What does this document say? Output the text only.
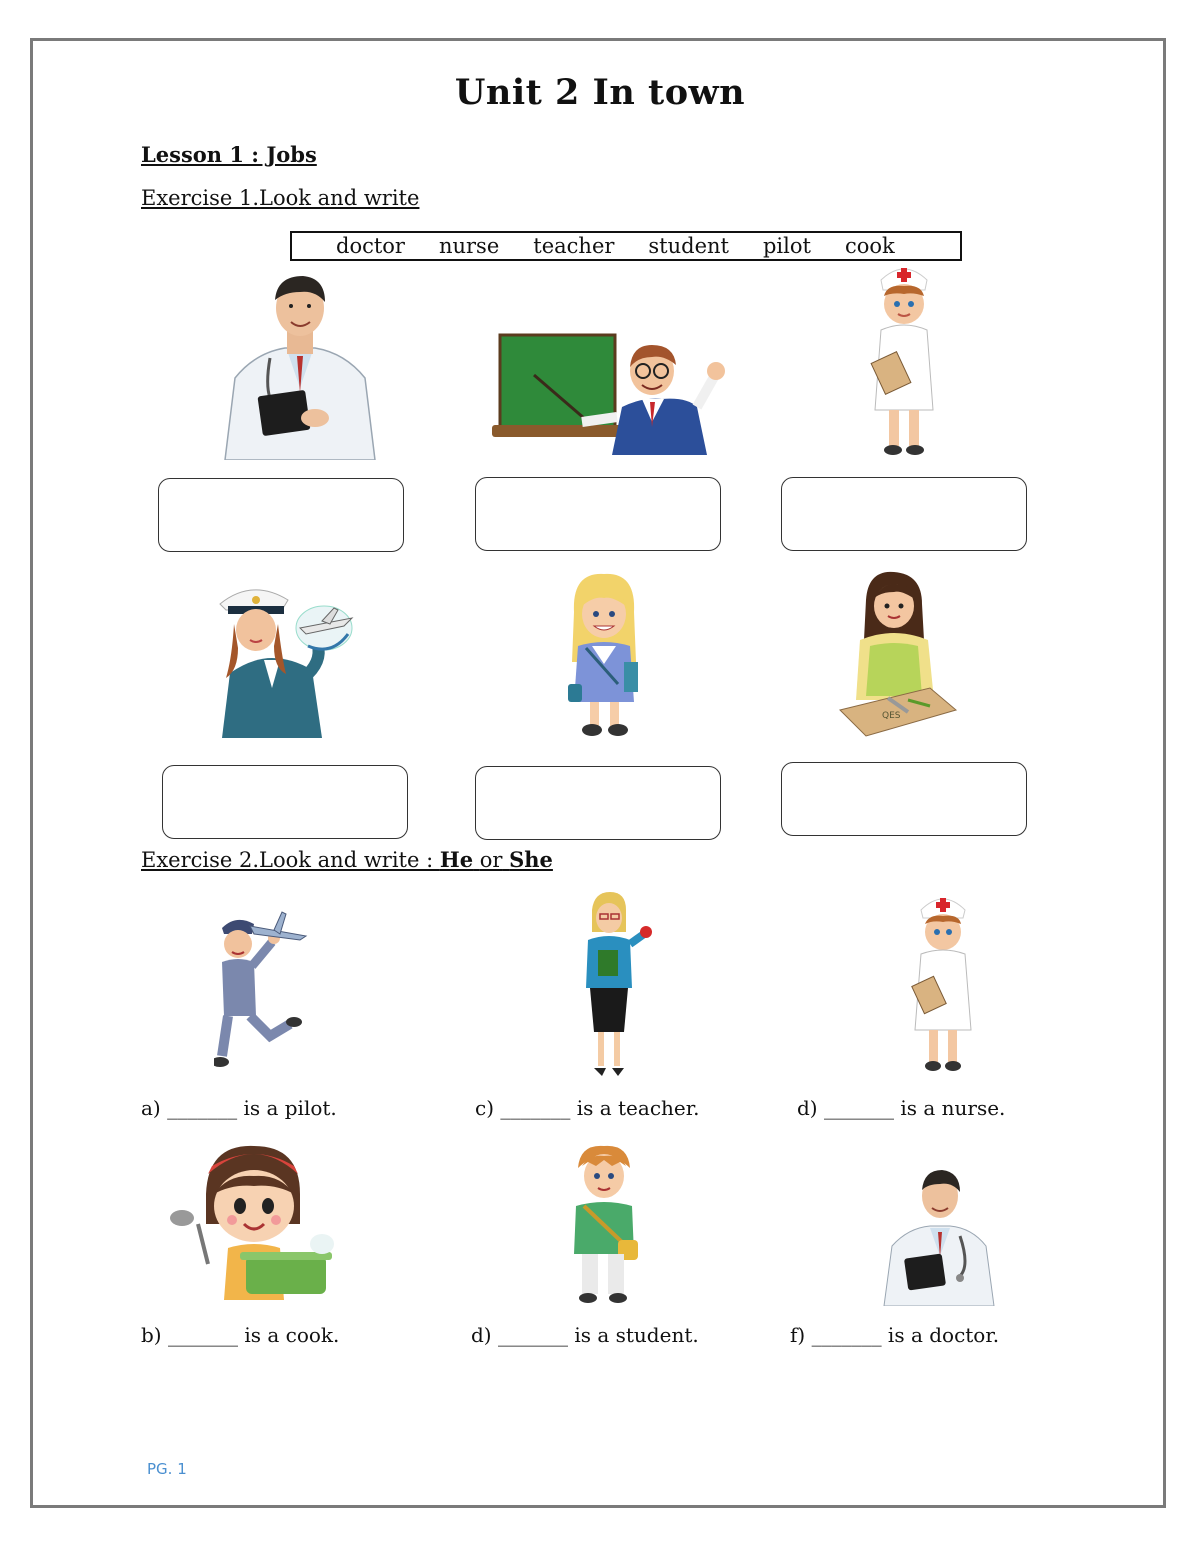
Unit 2 In town
Lesson 1 : Jobs
Exercise 1.Look and write
doctor nurse teacher student pilot cook
QES
Exercise 2.Look and write : He or She
a) _______ is a pilot.	c) _______ is a teacher.	d) _______ is a nurse.
b) _______ is a cook.	d) _______ is a student.	f) _______ is a doctor.
PG. 1
